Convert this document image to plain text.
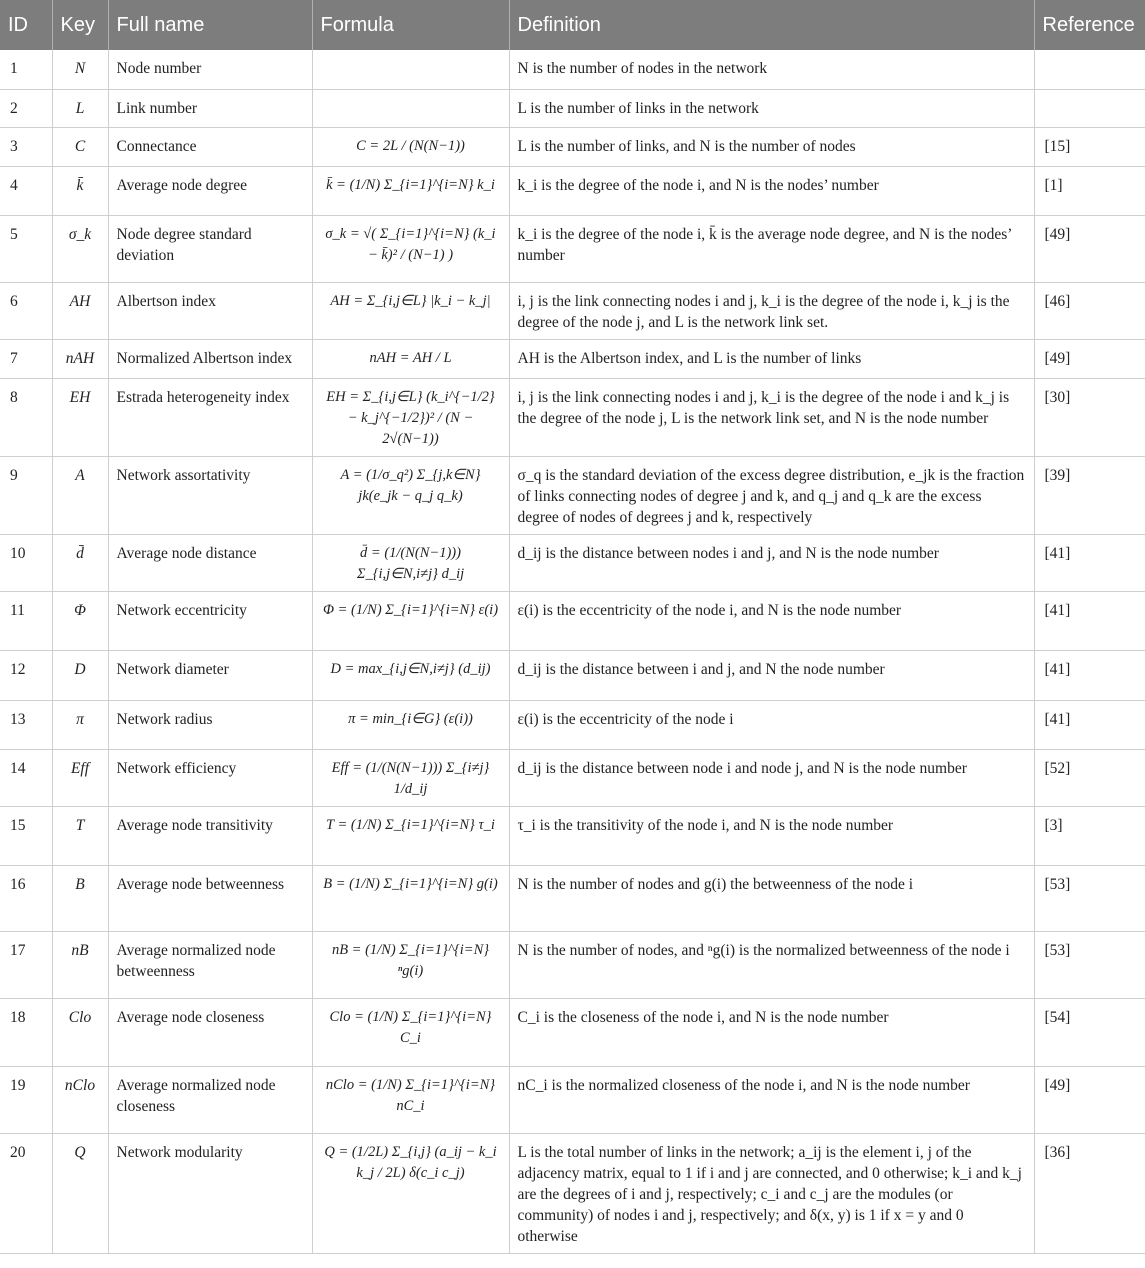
ID	Key	Full name	Formula	Definition	Reference
1	N	Node number		N is the number of nodes in the network	
2	L	Link number		L is the number of links in the network	
3	C	Connectance	C = 2L / (N(N−1))	L is the number of links, and N is the number of nodes	[15]
4	k̄	Average node degree	k̄ = (1/N) Σ_{i=1}^{i=N} k_i	k_i is the degree of the node i, and N is the nodes’ number	[1]
5	σ_k	Node degree standard deviation	σ_k = √( Σ_{i=1}^{i=N} (k_i − k̄)² / (N−1) )	k_i is the degree of the node i, k̄ is the average node degree, and N is the nodes’ number	[49]
6	AH	Albertson index	AH = Σ_{i,j∈L} |k_i − k_j|	i, j is the link connecting nodes i and j, k_i is the degree of the node i, k_j is the degree of the node j, and L is the network link set.	[46]
7	nAH	Normalized Albertson index	nAH = AH / L	AH is the Albertson index, and L is the number of links	[49]
8	EH	Estrada heterogeneity index	EH = Σ_{i,j∈L} (k_i^{−1/2} − k_j^{−1/2})² / (N − 2√(N−1))	i, j is the link connecting nodes i and j, k_i is the degree of the node i and k_j is the degree of the node j, L is the network link set, and N is the node number	[30]
9	A	Network assortativity	A = (1/σ_q²) Σ_{j,k∈N} jk(e_jk − q_j q_k)	σ_q is the standard deviation of the excess degree distribution, e_jk is the fraction of links connecting nodes of degree j and k, and q_j and q_k are the excess degree of nodes of degrees j and k, respectively	[39]
10	d̄	Average node distance	d̄ = (1/(N(N−1))) Σ_{i,j∈N,i≠j} d_ij	d_ij is the distance between nodes i and j, and N is the node number	[41]
11	Φ	Network eccentricity	Φ = (1/N) Σ_{i=1}^{i=N} ε(i)	ε(i) is the eccentricity of the node i, and N is the node number	[41]
12	D	Network diameter	D = max_{i,j∈N,i≠j} (d_ij)	d_ij is the distance between i and j, and N the node number	[41]
13	π	Network radius	π = min_{i∈G} (ε(i))	ε(i) is the eccentricity of the node i	[41]
14	Eff	Network efficiency	Eff = (1/(N(N−1))) Σ_{i≠j} 1/d_ij	d_ij is the distance between node i and node j, and N is the node number	[52]
15	T	Average node transitivity	T = (1/N) Σ_{i=1}^{i=N} τ_i	τ_i is the transitivity of the node i, and N is the node number	[3]
16	B	Average node betweenness	B = (1/N) Σ_{i=1}^{i=N} g(i)	N is the number of nodes and g(i) the betweenness of the node i	[53]
17	nB	Average normalized node betweenness	nB = (1/N) Σ_{i=1}^{i=N} ⁿg(i)	N is the number of nodes, and ⁿg(i) is the normalized betweenness of the node i	[53]
18	Clo	Average node closeness	Clo = (1/N) Σ_{i=1}^{i=N} C_i	C_i is the closeness of the node i, and N is the node number	[54]
19	nClo	Average normalized node closeness	nClo = (1/N) Σ_{i=1}^{i=N} nC_i	nC_i is the normalized closeness of the node i, and N is the node number	[49]
20	Q	Network modularity	Q = (1/2L) Σ_{i,j} (a_ij − k_i k_j / 2L) δ(c_i c_j)	L is the total number of links in the network; a_ij is the element i, j of the adjacency matrix, equal to 1 if i and j are connected, and 0 otherwise; k_i and k_j are the degrees of i and j, respectively; c_i and c_j are the modules (or community) of nodes i and j, respectively; and δ(x, y) is 1 if x = y and 0 otherwise	[36]
